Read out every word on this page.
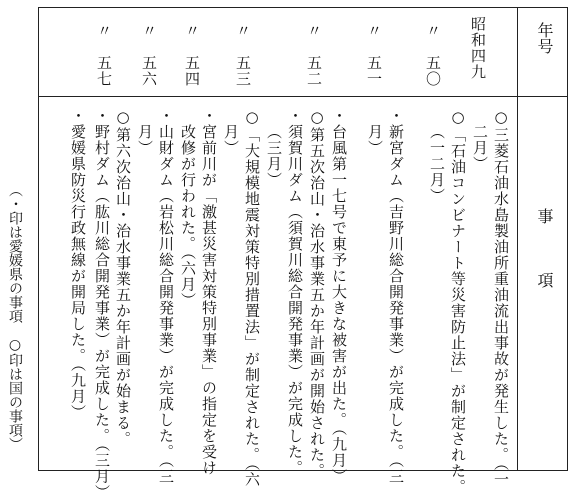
年号
事項
昭和四九
〃　五〇
〃　五一
〃　五二
〃　五三
〃　五四
〃　五六
〃　五七
○三菱石油水島製油所重油流出事故が発生した。（一
二月）
○「石油コンビナート等災害防止法」が制定された。
（一二月）
・新宮ダム（吉野川総合開発事業）が完成した。（三
月）
・台風第一七号で東予に大きな被害が出た。（九月）
○第五次治山・治水事業五か年計画が開始された。
・須賀川ダム（須賀川総合開発事業）が完成した。
（三月）
○「大規模地震対策特別措置法」が制定された。（六
月）
・宮前川が「激甚災害対策特別事業」の指定を受け
改修が行われた。（六月）
・山財ダム（岩松川総合開発事業）が完成した。（三
月）
○第六次治山・治水事業五か年計画が始まる。
・野村ダム（肱川総合開発事業）が完成した。（三月）
・愛媛県防災行政無線が開局した。（九月）
（・印は愛媛県の事項　○印は国の事項）
